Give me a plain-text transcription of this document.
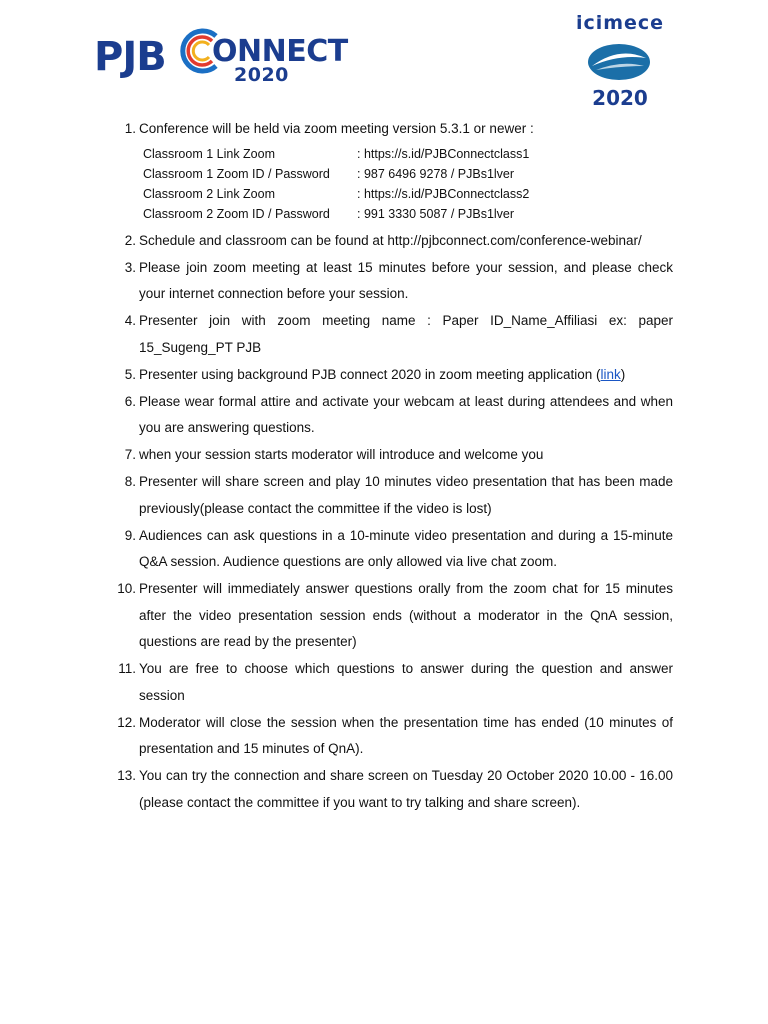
PJB ONNECT
2020
icimece
2020
1. Conference will be held via zoom meeting version 5.3.1 or newer :
Classroom 1 Link Zoom	: https://s.id/PJBConnectclass1
Classroom 1 Zoom ID / Password	: 987 6496 9278 / PJBs1lver
Classroom 2 Link Zoom	: https://s.id/PJBConnectclass2
Classroom 2 Zoom ID / Password	: 991 3330 5087 / PJBs1lver
2. Schedule and classroom can be found at http://pjbconnect.com/conference-webinar/
3. Please join zoom meeting at least 15 minutes before your session, and please check your internet connection before your session.
4. Presenter join with zoom meeting name : Paper ID_Name_Affiliasi ex: paper 15_Sugeng_PT PJB
5. Presenter using background PJB connect 2020 in zoom meeting application (link)
6. Please wear formal attire and activate your webcam at least during attendees and when you are answering questions.
7. when your session starts moderator will introduce and welcome you
8. Presenter will share screen and play 10 minutes video presentation that has been made previously(please contact the committee if the video is lost)
9. Audiences can ask questions in a 10-minute video presentation and during a 15-minute Q&A session. Audience questions are only allowed via live chat zoom.
10. Presenter will immediately answer questions orally from the zoom chat for 15 minutes after the video presentation session ends (without a moderator in the QnA session, questions are read by the presenter)
11. You are free to choose which questions to answer during the question and answer session
12. Moderator will close the session when the presentation time has ended (10 minutes of presentation and 15 minutes of QnA).
13. You can try the connection and share screen on Tuesday 20 October 2020 10.00 - 16.00 (please contact the committee if you want to try talking and share screen).
